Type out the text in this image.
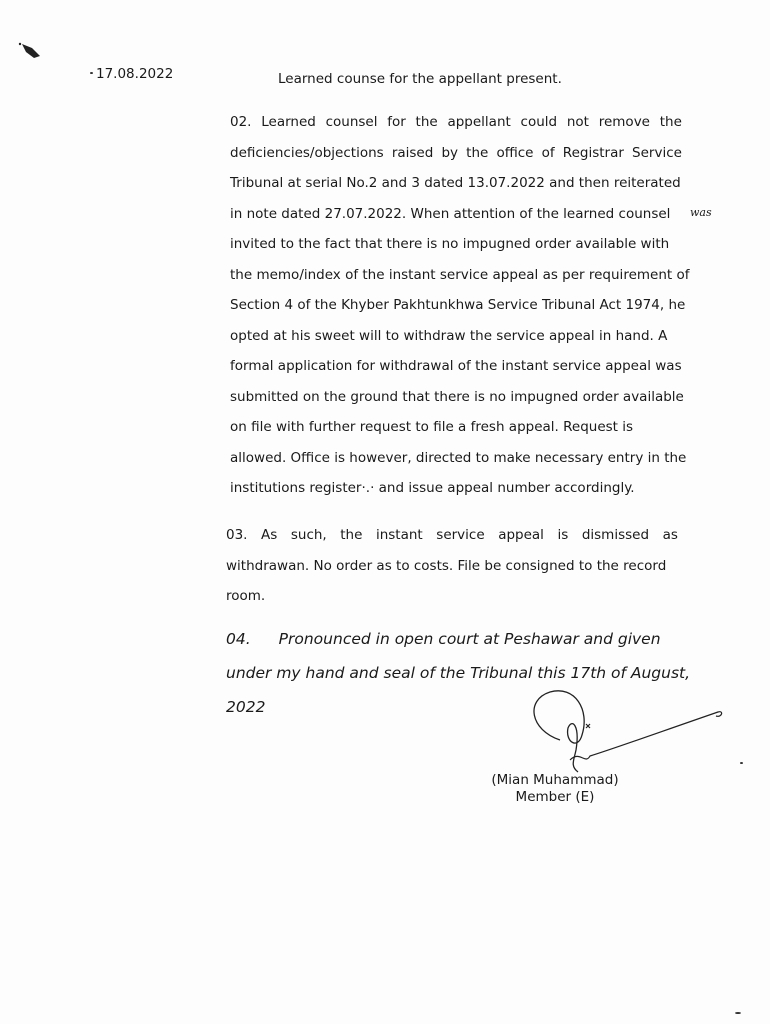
17.08.2022	Learned counse for the appellant present.
02. Learned counsel for the appellant could not remove the
deficiencies/objections raised by the office of Registrar Service
Tribunal at serial No.2 and 3 dated 13.07.2022 and then reiterated
in note dated 27.07.2022. When attention of the learned counsel
invited to the fact that there is no impugned order available with
the memo/index of the instant service appeal as per requirement of
Section 4 of the Khyber Pakhtunkhwa Service Tribunal Act 1974, he
opted at his sweet will to withdraw the service appeal in hand. A
formal application for withdrawal of the instant service appeal was
submitted on the ground that there is no impugned order available
on file with further request to file a fresh appeal. Request is
allowed. Office is however, directed to make necessary entry in the
institutions register·.· and issue appeal number accordingly.
was
03. As such, the instant service appeal is dismissed as
withdrawan. No order as to costs. File be consigned to the record
room.
04. Pronounced in open court at Peshawar and given
under my hand and seal of the Tribunal this 17th of August,
2022
(Mian Muhammad)
Member (E)
